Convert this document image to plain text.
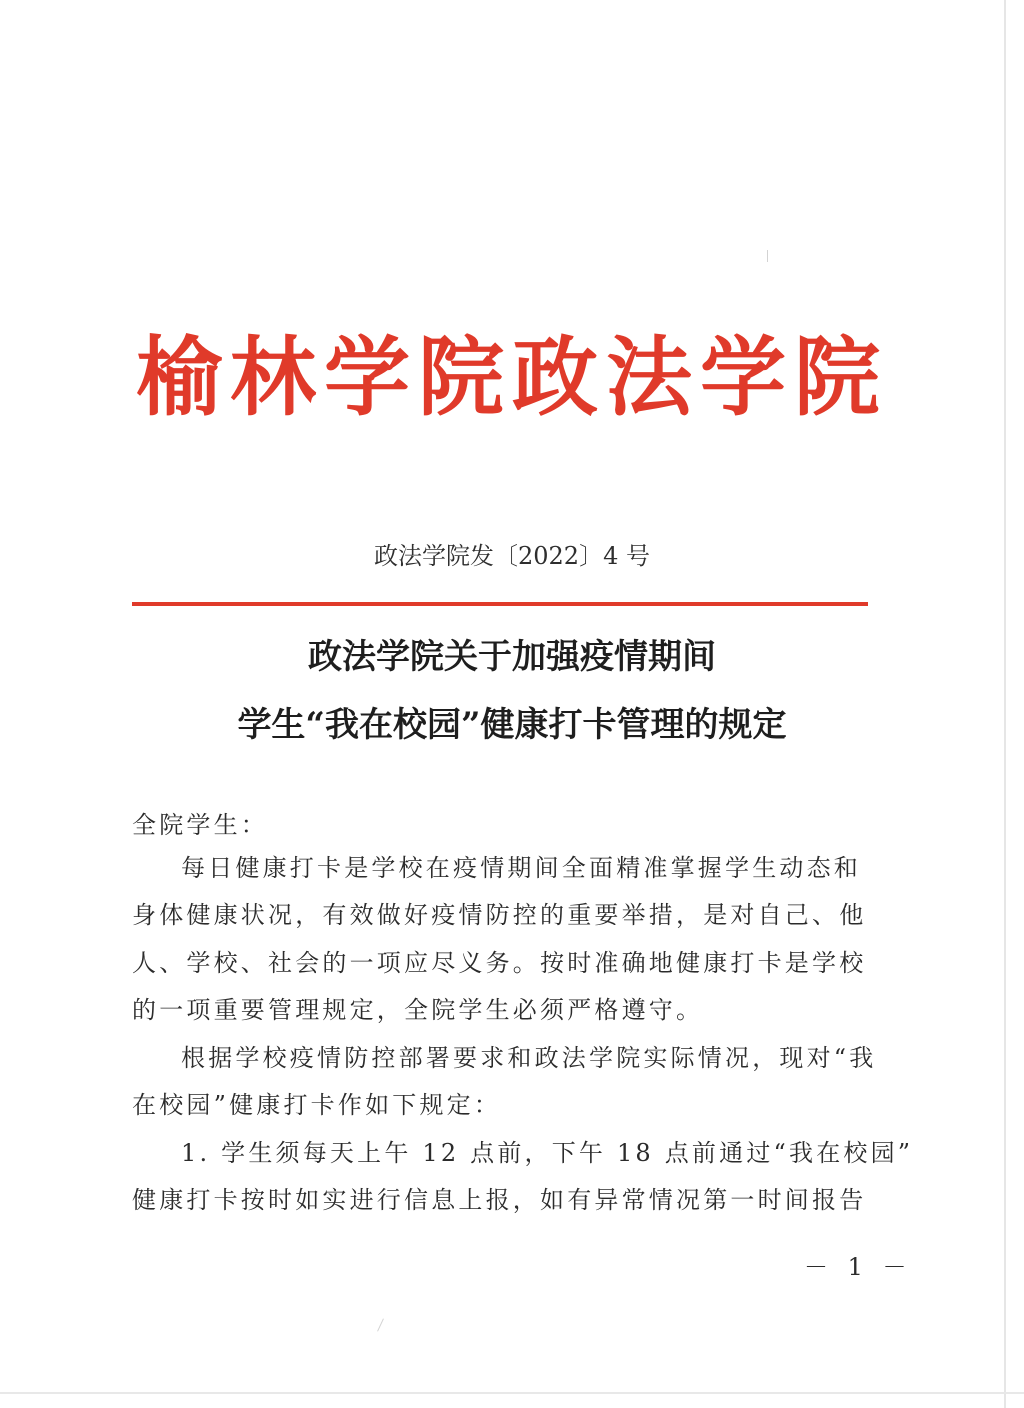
榆林学院政法学院
政法学院发〔2022〕4 号
政法学院关于加强疫情期间
学生“我在校园”健康打卡管理的规定
全院学生：
每日健康打卡是学校在疫情期间全面精准掌握学生动态和
身体健康状况，有效做好疫情防控的重要举措，是对自己、他
人、学校、社会的一项应尽义务。按时准确地健康打卡是学校
的一项重要管理规定，全院学生必须严格遵守。
根据学校疫情防控部署要求和政法学院实际情况，现对“我
在校园”健康打卡作如下规定：
1. 学生须每天上午 12 点前，下午 18 点前通过“我在校园”
健康打卡按时如实进行信息上报，如有异常情况第一时间报告
－ 1 －
